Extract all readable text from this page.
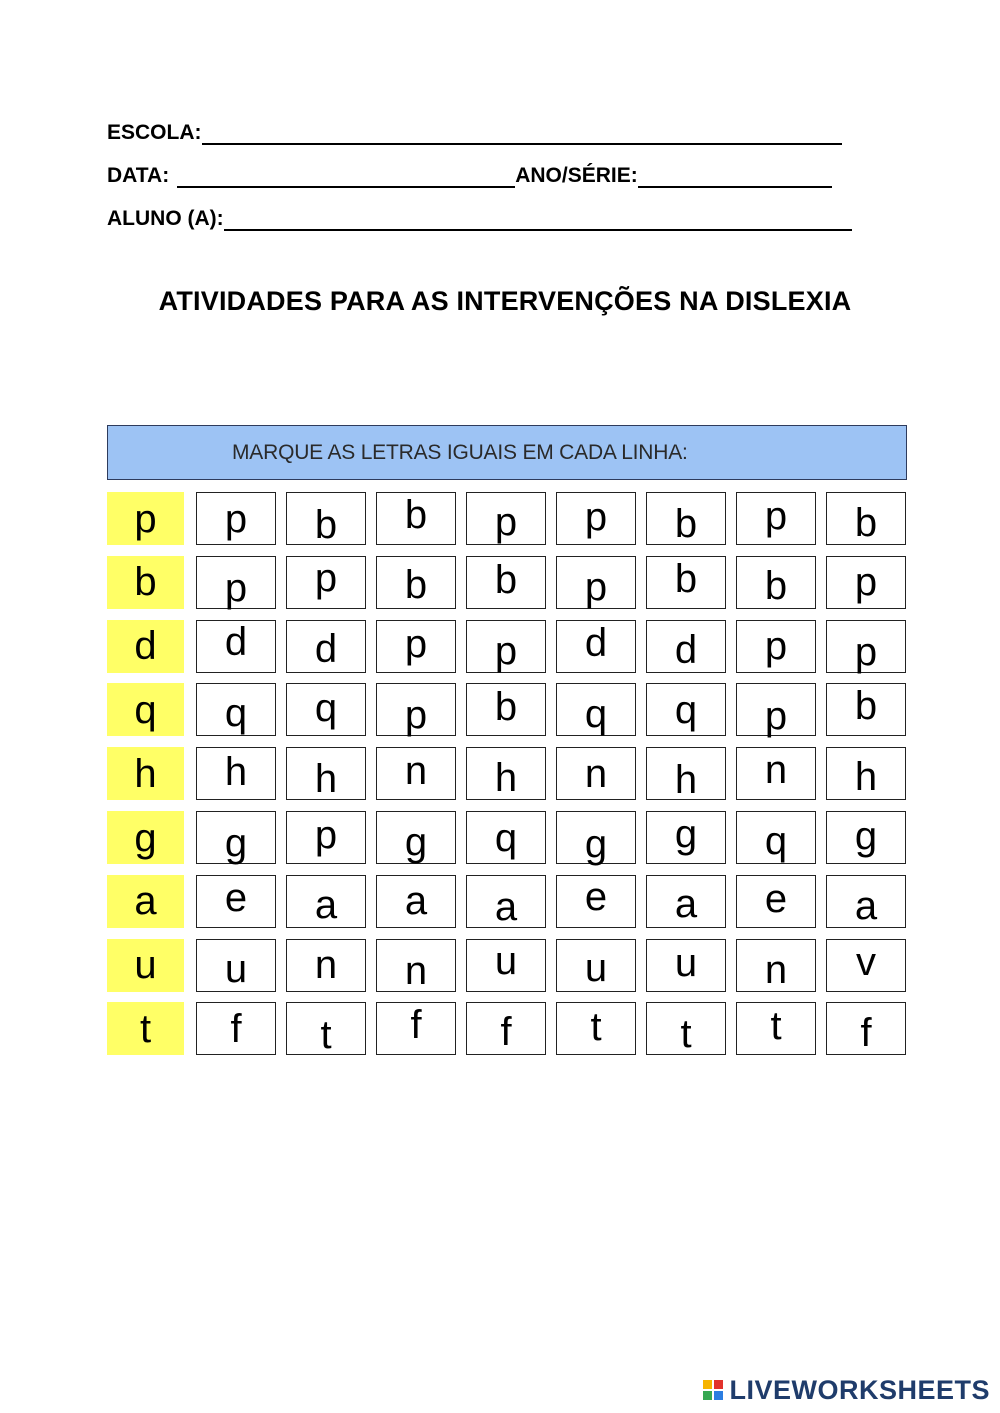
ESCOLA:
DATA:	ANO/SÉRIE:
ALUNO (A):
ATIVIDADES PARA AS INTERVENÇÕES NA DISLEXIA
MARQUE AS LETRAS IGUAIS EM CADA LINHA:
p p b b p p b p b
b p p b b p b b p
d d d p p d d p p
q q q p b q q p b
h h h n h n h n h
g g p g q g g q g
a e a a a e a e a
u u n n u u u n v
t f t f f t t t f
LIVEWORKSHEETS
